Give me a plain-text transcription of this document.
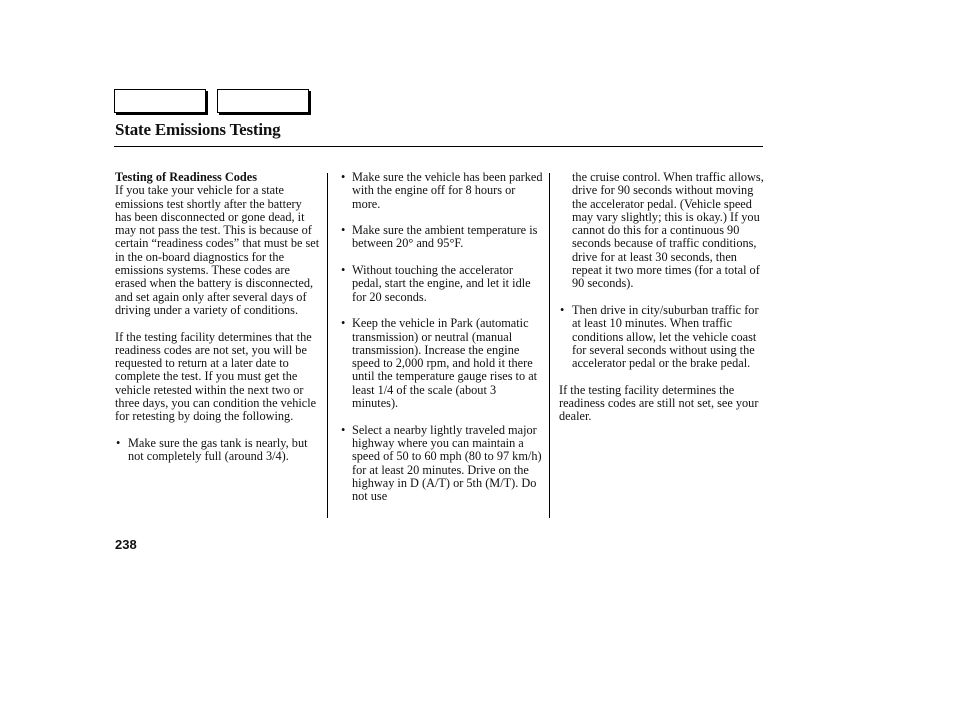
State Emissions Testing
Testing of Readiness Codes

If you take your vehicle for a state emissions test shortly after the battery has been disconnected or gone dead, it may not pass the test. This is because of certain “readiness codes” that must be set in the on-board diagnostics for the emissions systems. These codes are erased when the battery is disconnected, and set again only after several days of driving under a variety of conditions.

If the testing facility determines that the readiness codes are not set, you will be requested to return at a later date to complete the test. If you must get the vehicle retested within the next two or three days, you can condition the vehicle for retesting by doing the following.

• Make sure the gas tank is nearly, but not completely full (around 3/4).
• Make sure the vehicle has been parked with the engine off for 8 hours or more.
• Make sure the ambient temperature is between 20° and 95°F.
• Without touching the accelerator pedal, start the engine, and let it idle for 20 seconds.
• Keep the vehicle in Park (automatic transmission) or neutral (manual transmission). Increase the engine speed to 2,000 rpm, and hold it there until the temperature gauge rises to at least 1/4 of the scale (about 3 minutes).
• Select a nearby lightly traveled major highway where you can maintain a speed of 50 to 60 mph (80 to 97 km/h) for at least 20 minutes. Drive on the highway in D (A/T) or 5th (M/T). Do not use
the cruise control. When traffic allows, drive for 90 seconds without moving the accelerator pedal. (Vehicle speed may vary slightly; this is okay.) If you cannot do this for a continuous 90 seconds because of traffic conditions, drive for at least 30 seconds, then repeat it two more times (for a total of 90 seconds).
• Then drive in city/suburban traffic for at least 10 minutes. When traffic conditions allow, let the vehicle coast for several seconds without using the accelerator pedal or the brake pedal.

If the testing facility determines the readiness codes are still not set, see your dealer.

238
